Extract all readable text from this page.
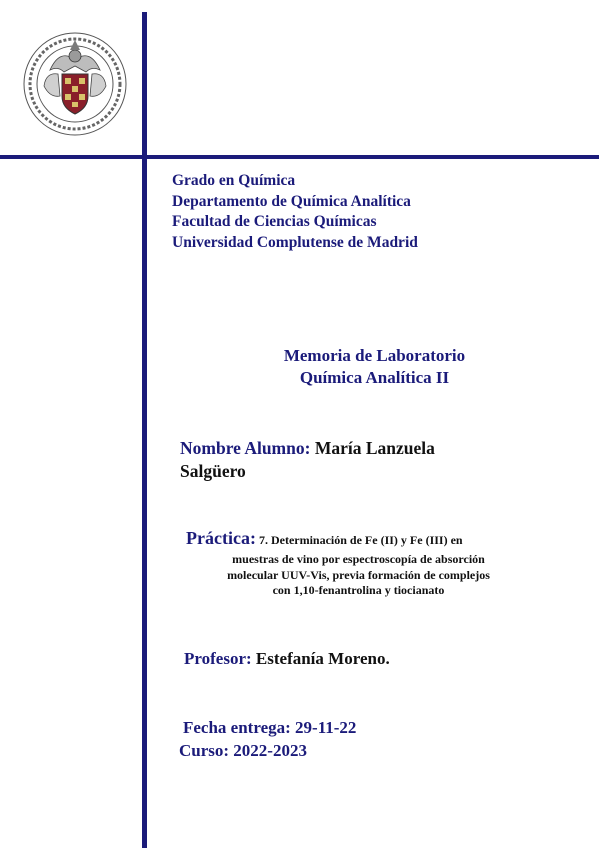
Grado en Química
Departamento de Química Analítica
Facultad de Ciencias Químicas
Universidad Complutense de Madrid
Memoria de Laboratorio
Química Analítica II
Nombre Alumno: María Lanzuela
Salgüero
Práctica: 7. Determinación de Fe (II) y Fe (III) en
muestras de vino por espectroscopía de absorción
molecular UUV-Vis, previa formación de complejos
con 1,10-fenantrolina y tiocianato
Profesor: Estefanía Moreno.
Fecha entrega: 29-11-22
Curso: 2022-2023
